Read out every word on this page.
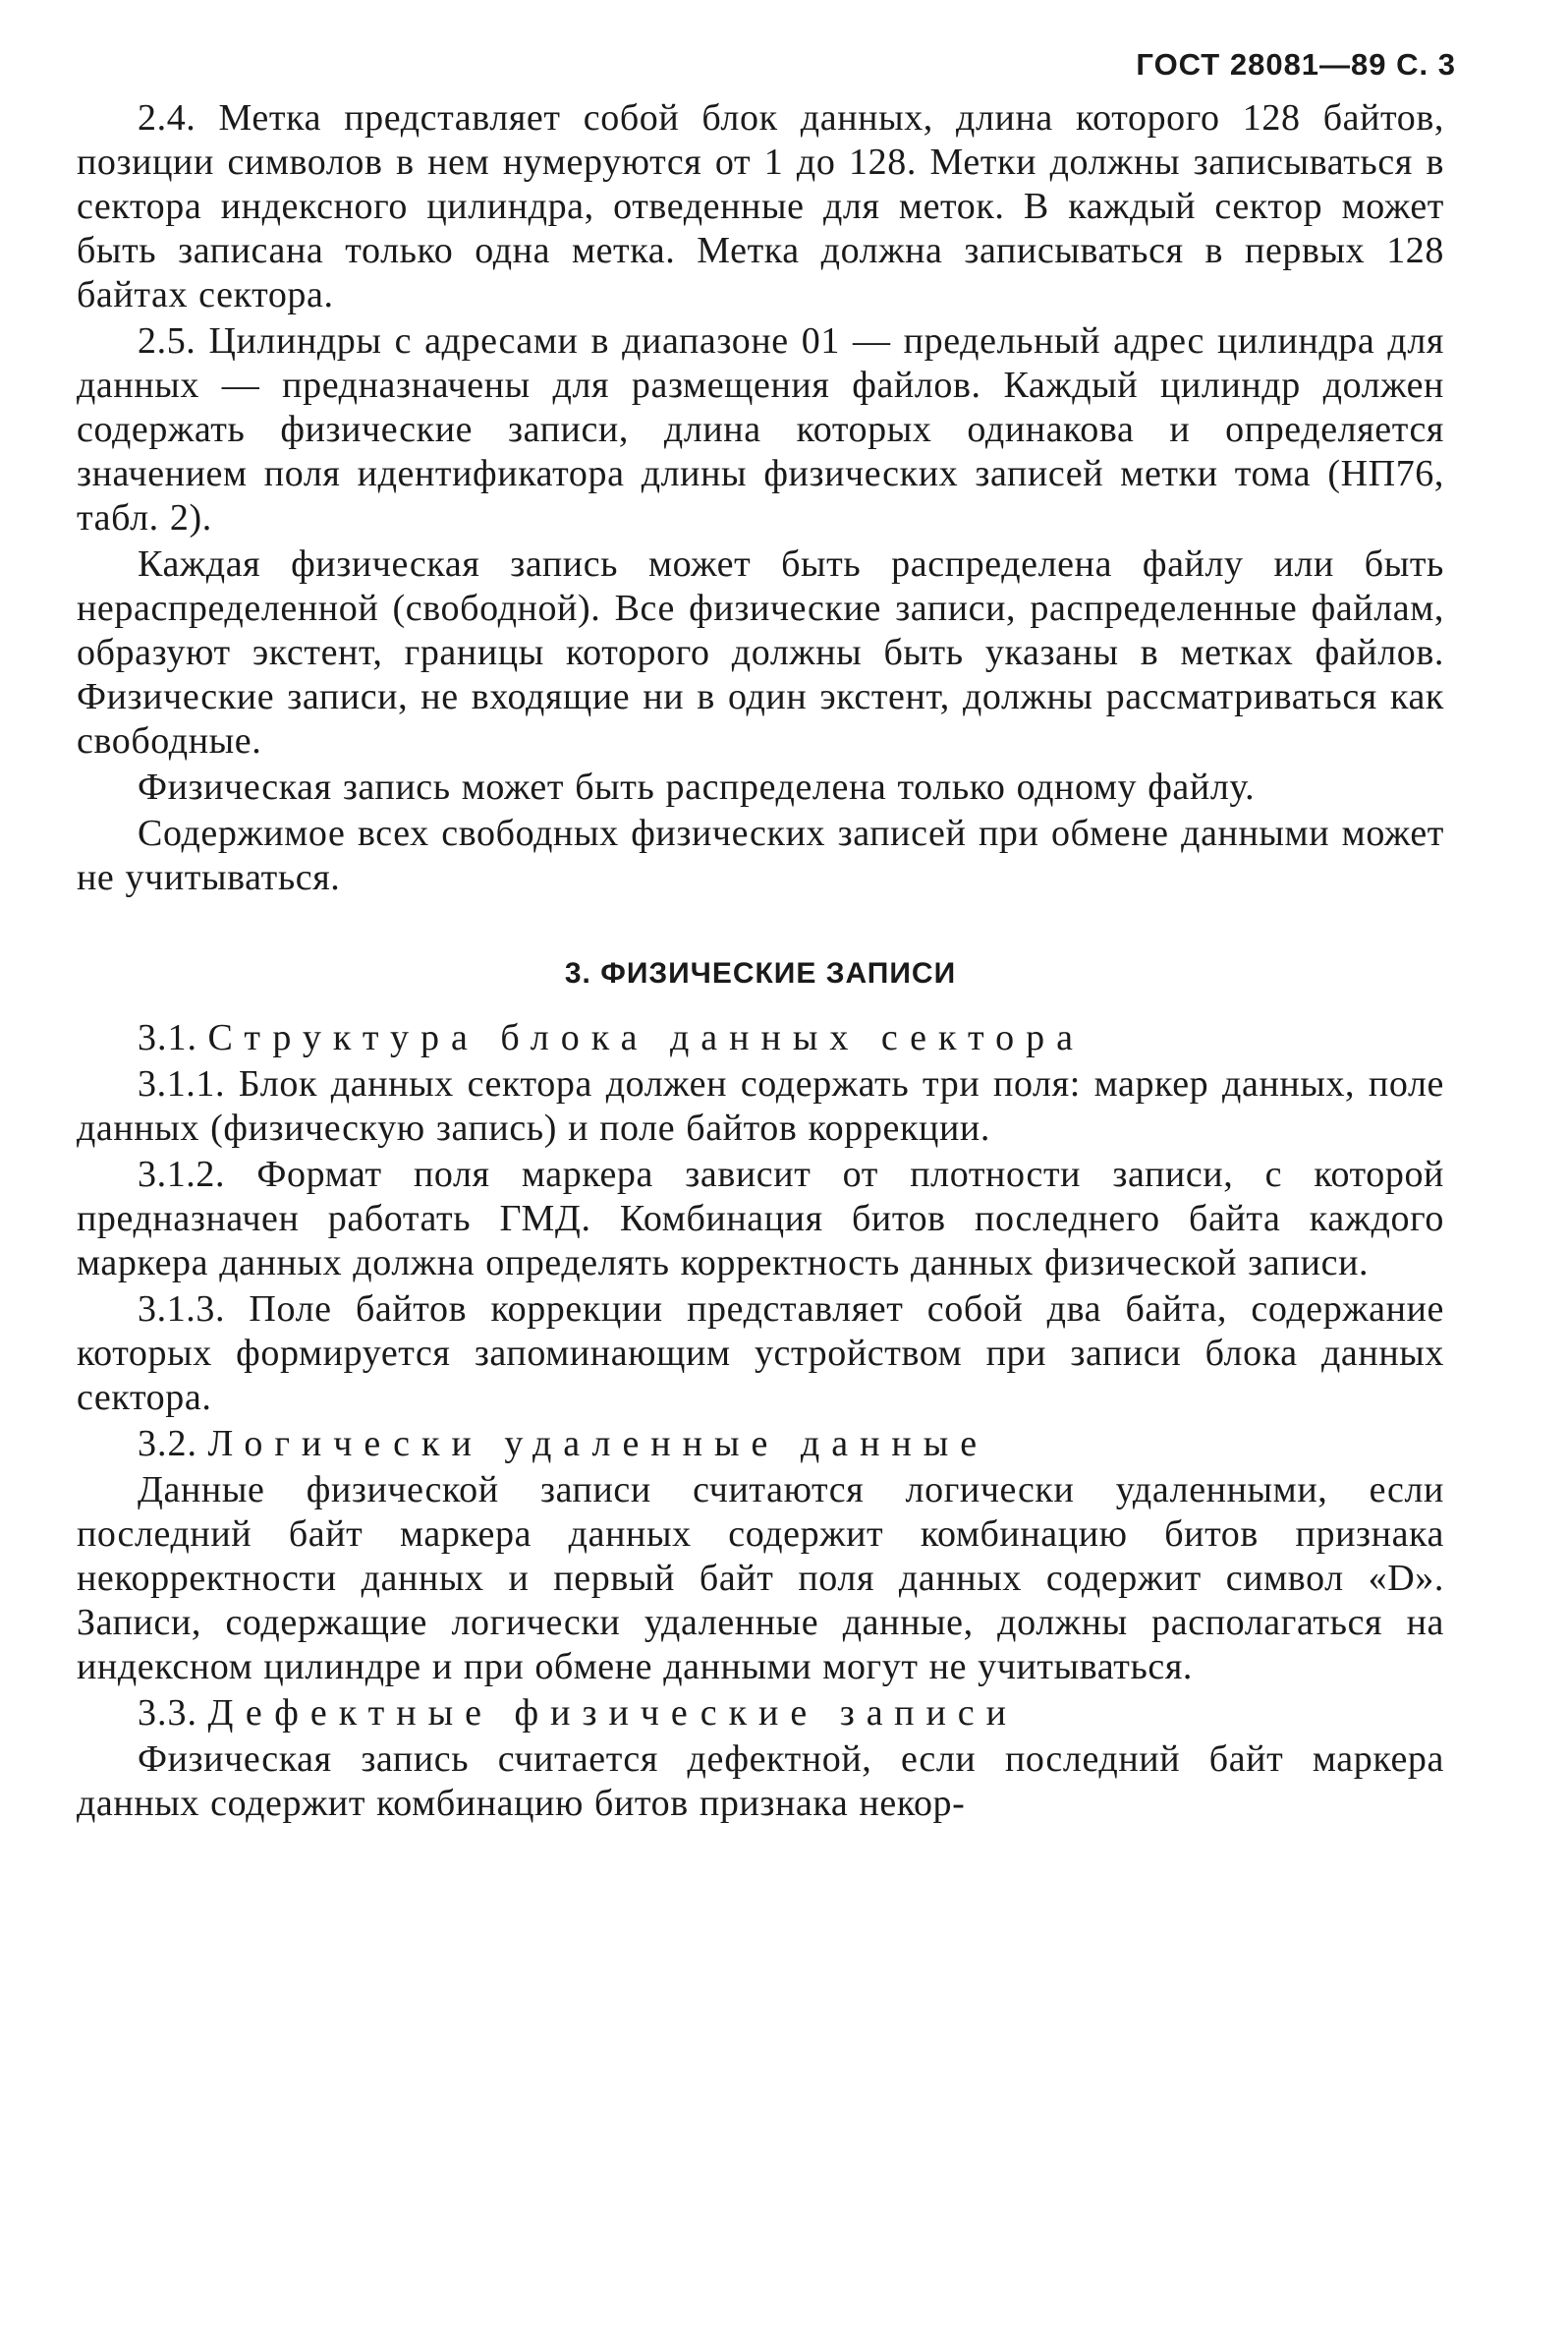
ГОСТ 28081—89 С. 3

2.4. Метка представляет собой блок данных, длина которого 128 байтов, позиции символов в нем нумеруются от 1 до 128. Метки должны записываться в сектора индексного цилиндра, отведенные для меток. В каждый сектор может быть записана только одна метка. Метка должна записываться в первых 128 байтах сектора.

2.5. Цилиндры с адресами в диапазоне 01 — предельный адрес цилиндра для данных — предназначены для размещения файлов. Каждый цилиндр должен содержать физические записи, длина которых одинакова и определяется значением поля идентификатора длины физических записей метки тома (НП76, табл. 2).

Каждая физическая запись может быть распределена файлу или быть нераспределенной (свободной). Все физические записи, распределенные файлам, образуют экстент, границы которого должны быть указаны в метках файлов. Физические записи, не входящие ни в один экстент, должны рассматриваться как свободные.

Физическая запись может быть распределена только одному файлу.

Содержимое всех свободных физических записей при обмене данными может не учитываться.

3. ФИЗИЧЕСКИЕ ЗАПИСИ

3.1. Структура блока данных сектора

3.1.1. Блок данных сектора должен содержать три поля: маркер данных, поле данных (физическую запись) и поле байтов коррекции.

3.1.2. Формат поля маркера зависит от плотности записи, с которой предназначен работать ГМД. Комбинация битов последнего байта каждого маркера данных должна определять корректность данных физической записи.

3.1.3. Поле байтов коррекции представляет собой два байта, содержание которых формируется запоминающим устройством при записи блока данных сектора.

3.2. Логически удаленные данные

Данные физической записи считаются логически удаленными, если последний байт маркера данных содержит комбинацию битов признака некорректности данных и первый байт поля данных содержит символ «D». Записи, содержащие логически удаленные данные, должны располагаться на индексном цилиндре и при обмене данными могут не учитываться.

3.3. Дефектные физические записи

Физическая запись считается дефектной, если последний байт маркера данных содержит комбинацию битов признака некор-
